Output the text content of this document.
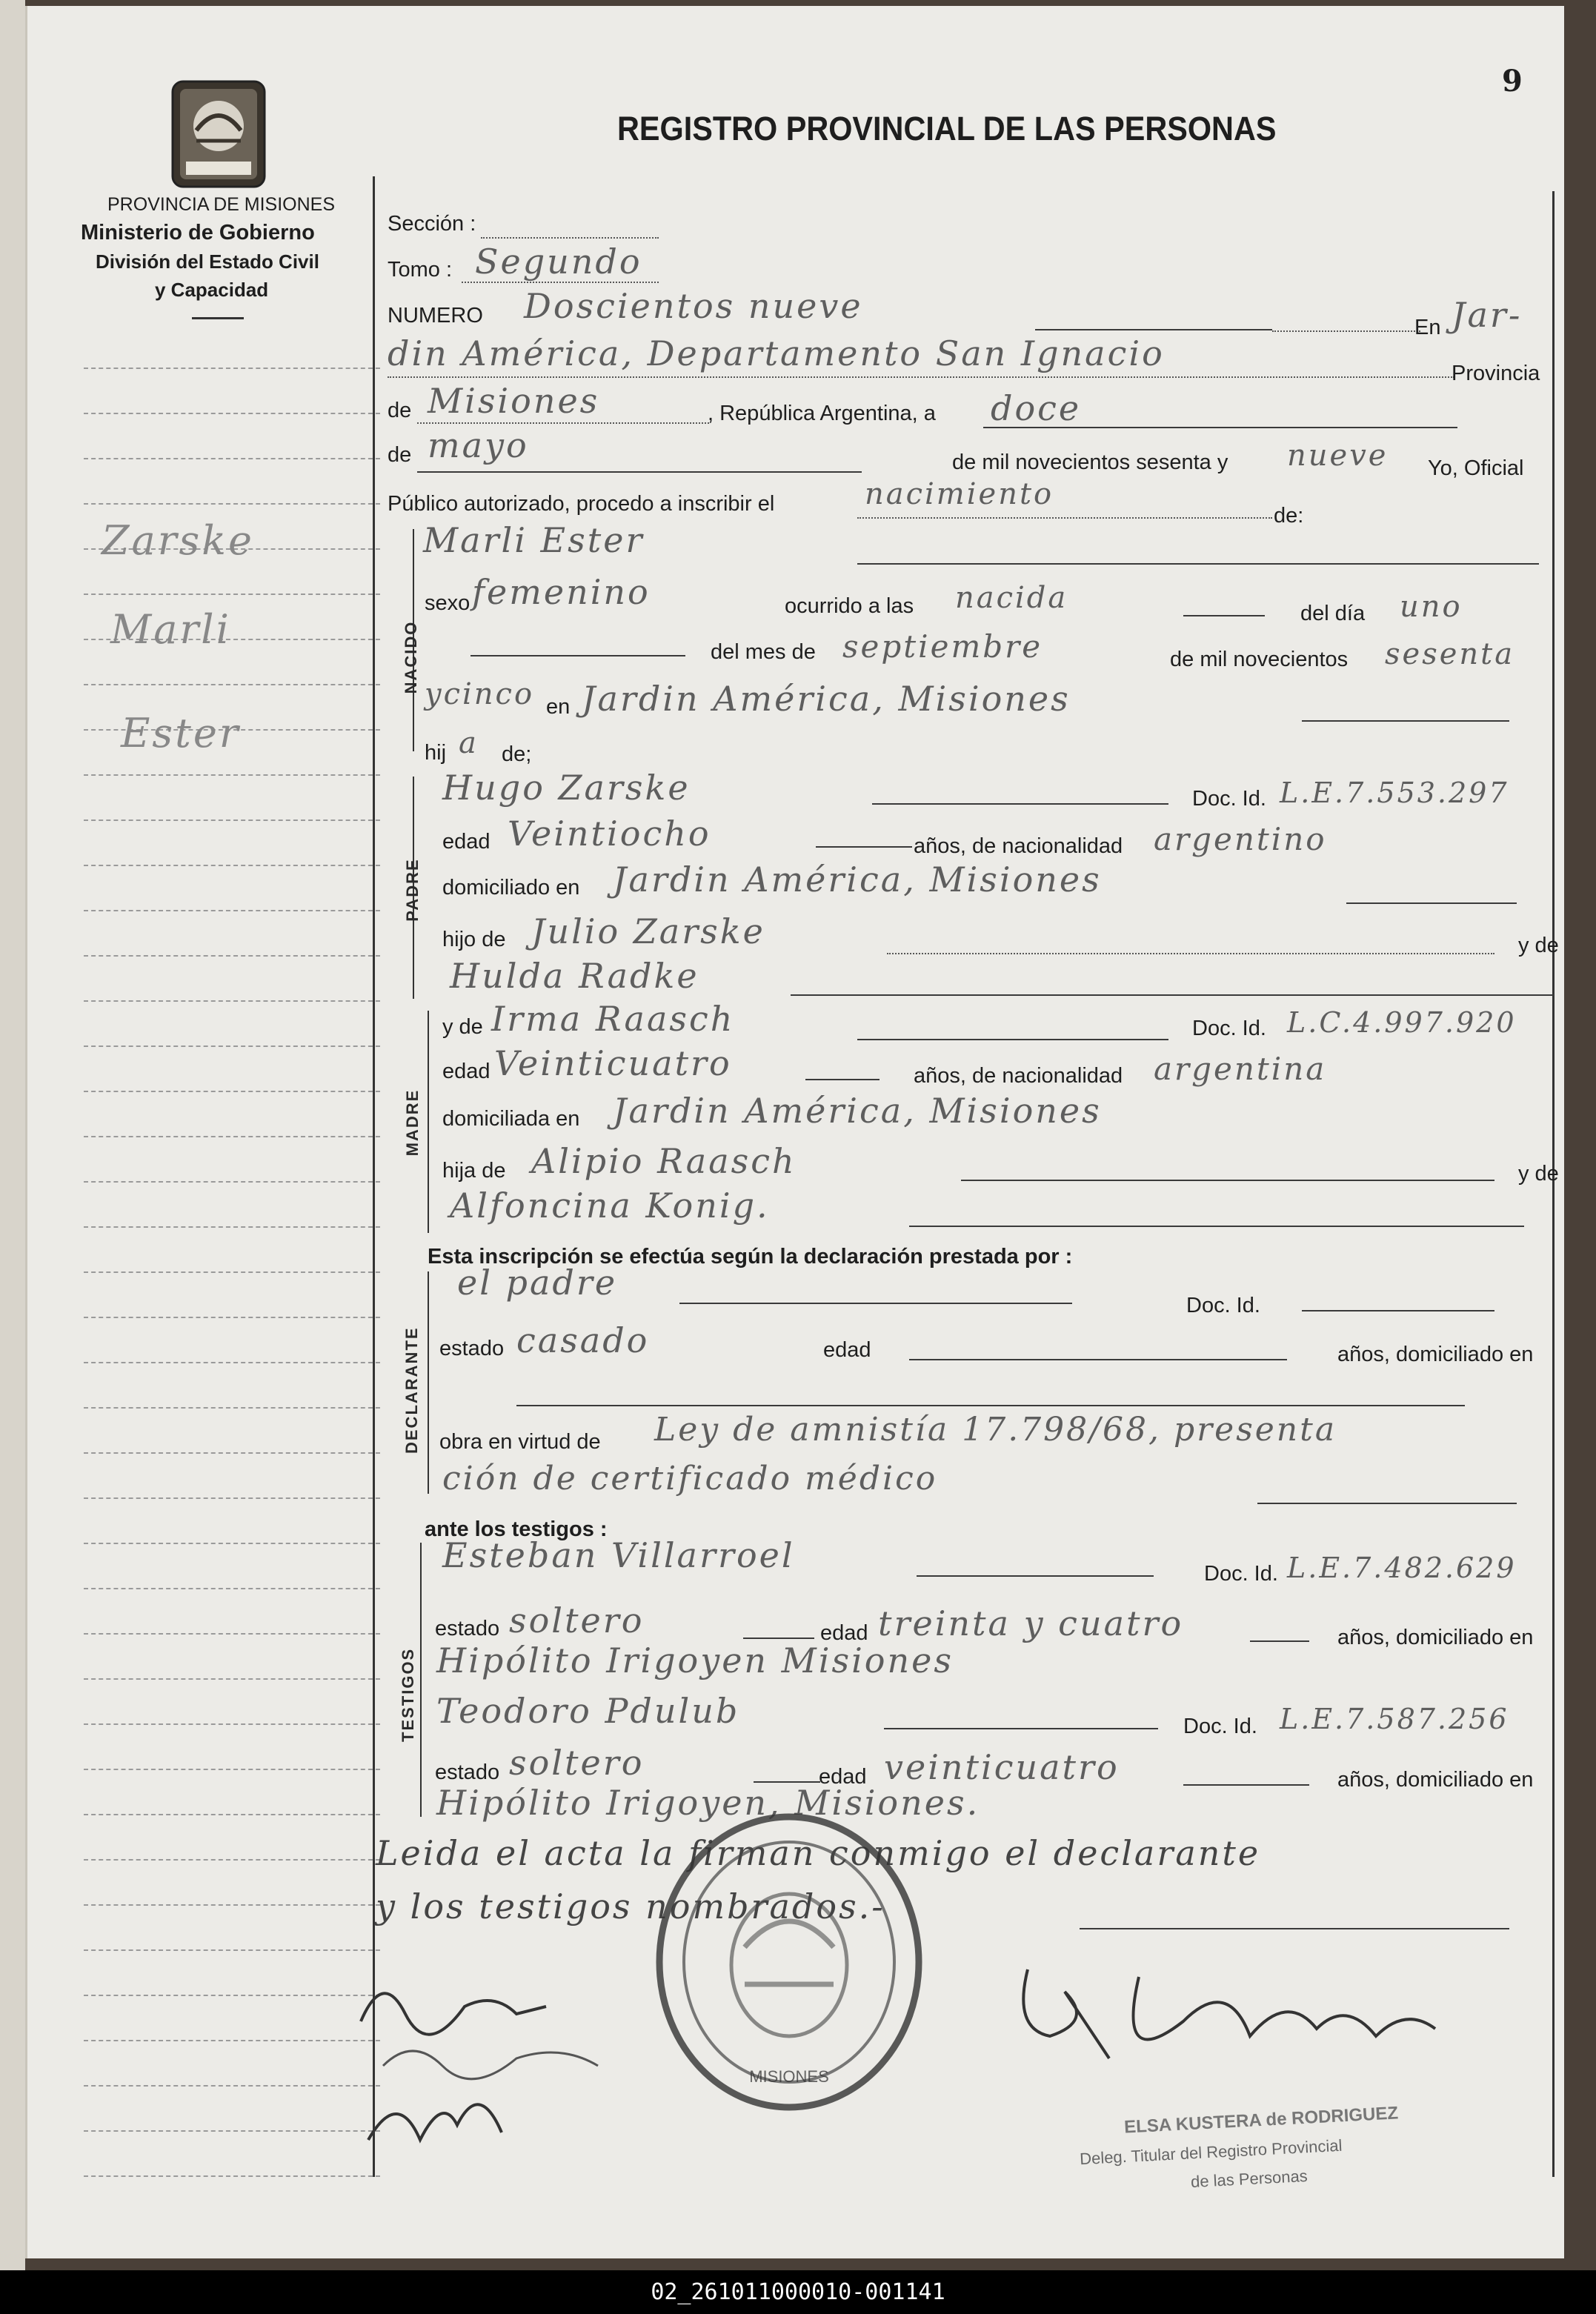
9
PROVINCIA DE MISIONES
Ministerio de Gobierno
División del Estado Civil
y Capacidad
REGISTRO PROVINCIAL DE LAS PERSONAS
Zarske
Marli
Ester
Sección :
Tomo : Segundo
NUMERO Doscientos nueve
En Jar-
din América, Departamento San Ignacio	Provincia
de Misiones	, República Argentina, a doce
de mayo	de mil novecientos sesenta y nueve Yo, Oficial
Público autorizado, procedo a inscribir el	nacimiento
de:
NACIDO
Marli Ester
sexo femenino	ocurrido a las nacida	del día uno
del mes de septiembre	de mil novecientos sesenta
ycinco en Jardin América, Misiones
hij a de;
PADRE
Hugo Zarske	Doc. Id. L.E.7.553.297
edad Veintiocho	años, de nacionalidad argentino
domiciliado en Jardin América, Misiones
hijo de Julio Zarske	y de
Hulda Radke
MADRE
y de Irma Raasch	Doc. Id. L.C.4.997.920
edad Veinticuatro	años, de nacionalidad argentina
domiciliada en Jardin América, Misiones
hija de Alipio Raasch	y de
Alfoncina Konig.
Esta inscripción se efectúa según la declaración prestada por :
DECLARANTE
el padre
Doc. Id.
estado casado	edad	años, domiciliado en
obra en virtud de Ley de amnistía 17.798/68, presenta
ción de certificado médico
ante los testigos :
TESTIGOS
Esteban Villarroel	Doc. Id. L.E.7.482.629
estado soltero	edad treinta y cuatro	años, domiciliado en
Hipólito Irigoyen Misiones
Teodoro Pdulub	Doc. Id. L.E.7.587.256
estado soltero	edad veinticuatro	años, domiciliado en
Hipólito Irigoyen, Misiones.
Leida el acta la firman conmigo el declarante
y los testigos nombrados.-
MISIONES
ELSA KUSTERA de RODRIGUEZ
Deleg. Titular del Registro Provincial
de las Personas
02_261011000010-001141
